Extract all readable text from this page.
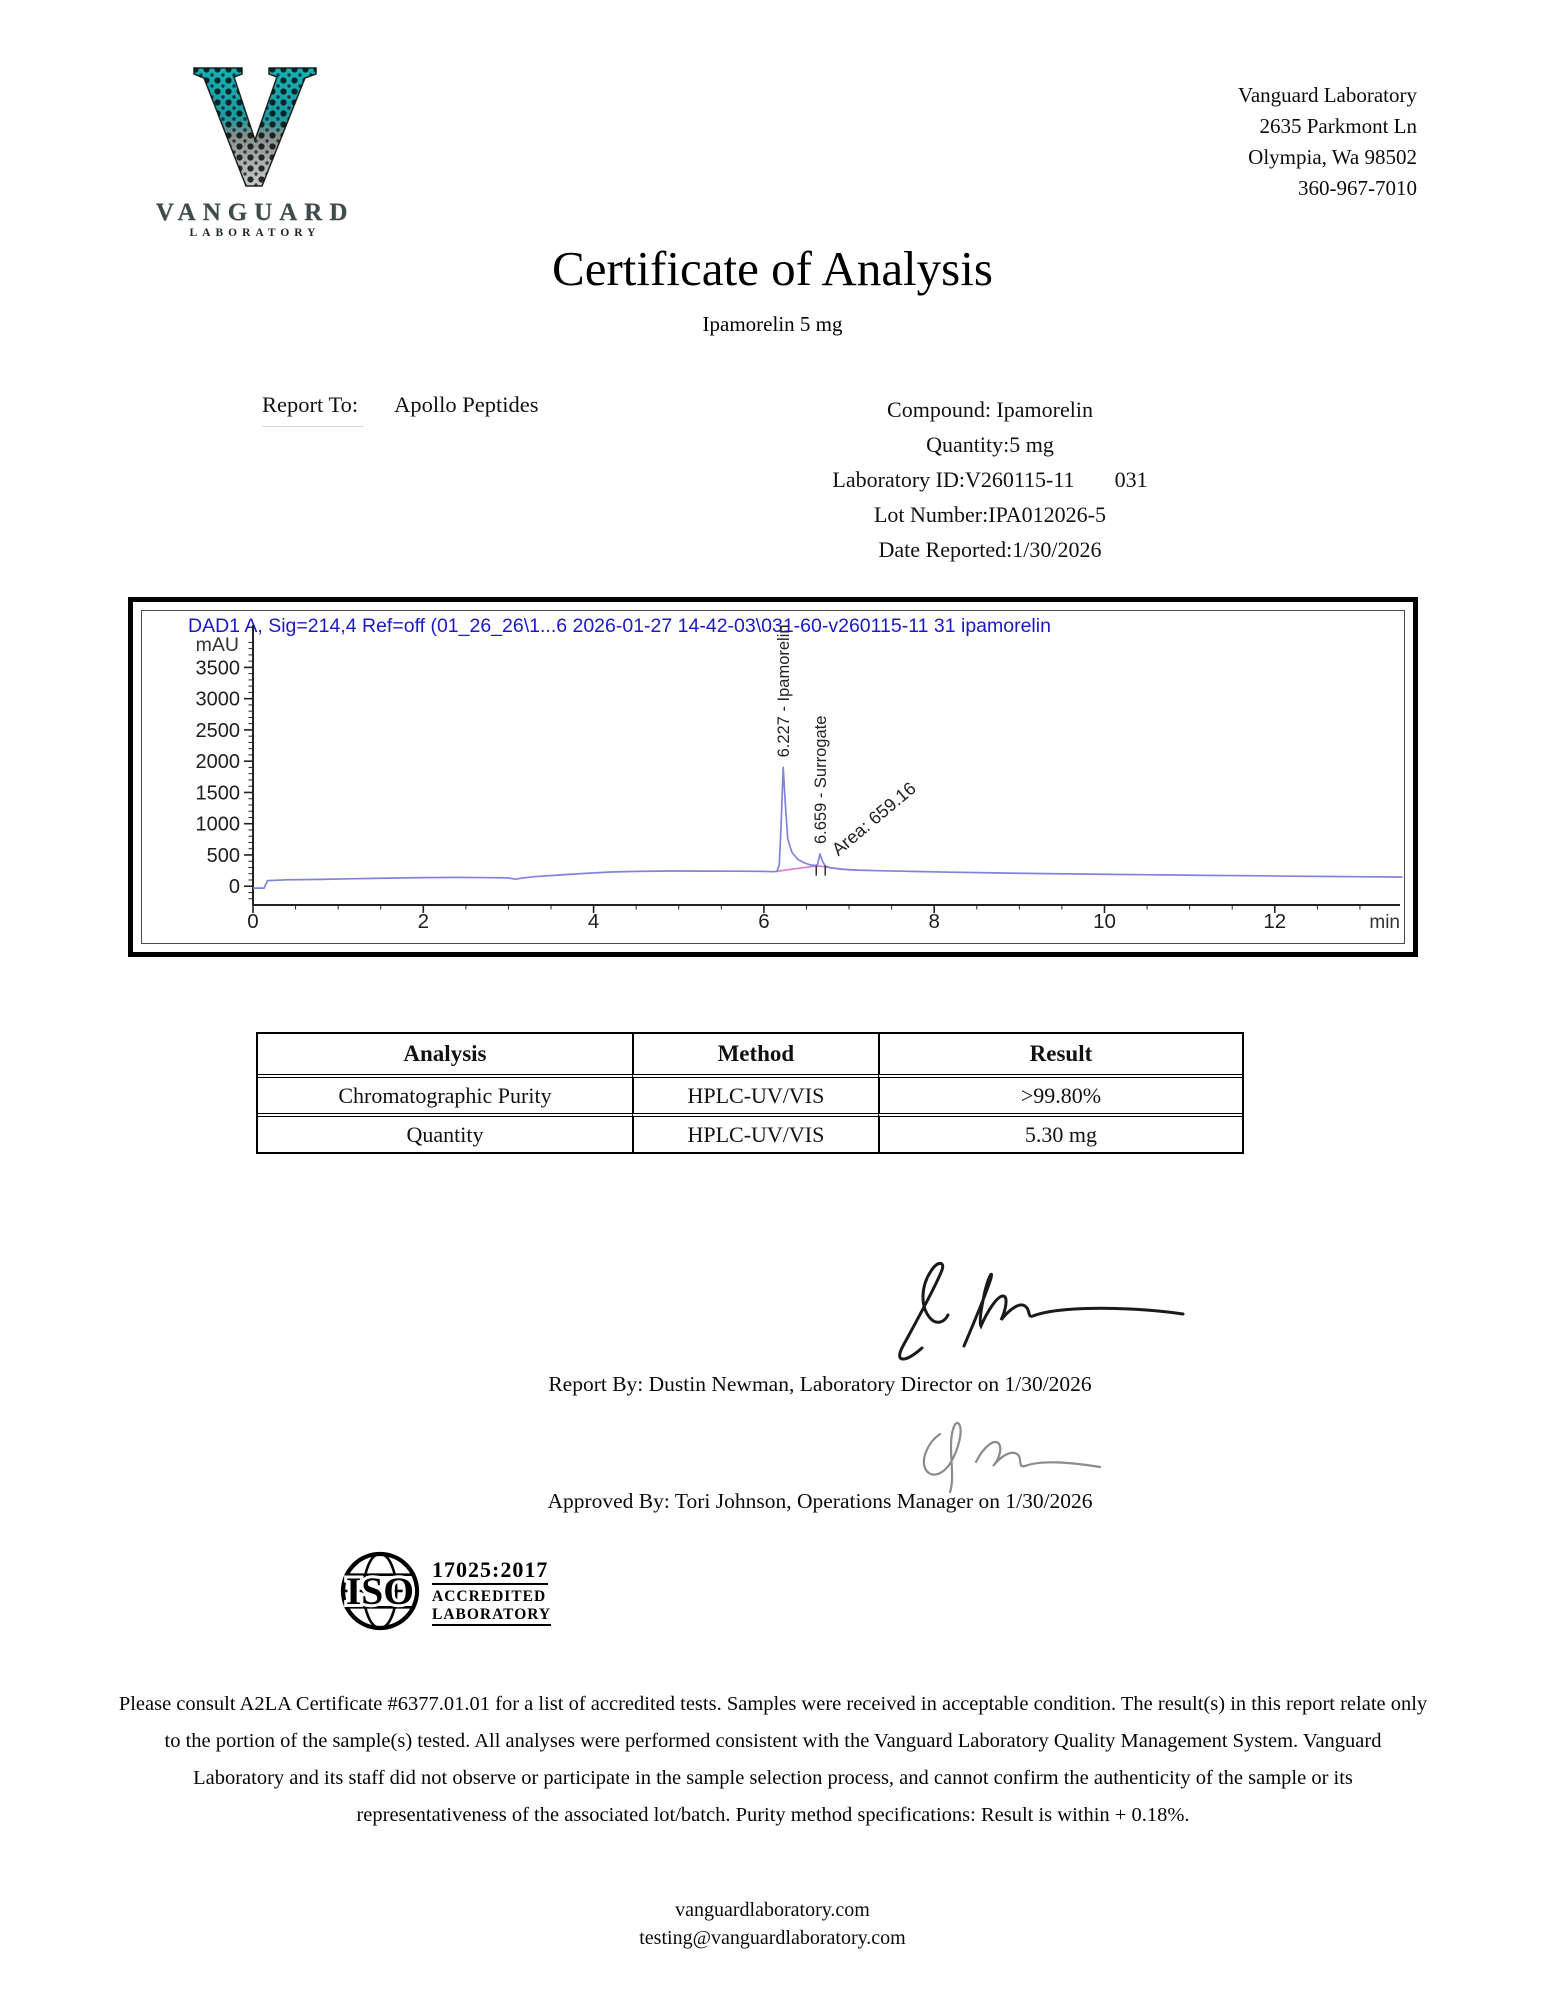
VANGUARD
LABORATORY
Vanguard Laboratory
2635 Parkmont Ln
Olympia, Wa 98502
360-967-7010
Certificate of Analysis
Ipamorelin 5 mg
Report To: Apollo Peptides	Compound: Ipamorelin
Quantity:5 mg
Laboratory ID:V260115-11 031
Lot Number:IPA012026-5
Date Reported:1/30/2026
DAD1 A, Sig=214,4 Ref=off (01_26_26\1...6 2026-01-27 14-42-03\031-60-v260115-11 31 ipamorelin
0
500
1000
1500
2000
2500
3000
3500
mAU
0	2	4	6	8	10	12	min
6.227 - Ipamorelin
6.659 - Surrogate
Area: 659.16
Analysis	Method	Result
Chromatographic Purity	HPLC-UV/VIS	>99.80%
Quantity	HPLC-UV/VIS	5.30 mg
Report By: Dustin Newman, Laboratory Director on 1/30/2026
Approved By: Tori Johnson, Operations Manager on 1/30/2026
ISO 17025:2017
ACCREDITED
LABORATORY
Please consult A2LA Certificate #6377.01.01 for a list of accredited tests. Samples were received in acceptable condition. The result(s) in this report relate only to the portion of the sample(s) tested. All analyses were performed consistent with the Vanguard Laboratory Quality Management System. Vanguard Laboratory and its staff did not observe or participate in the sample selection process, and cannot confirm the authenticity of the sample or its representativeness of the associated lot/batch. Purity method specifications: Result is within + 0.18%.
vanguardlaboratory.com
testing@vanguardlaboratory.com
